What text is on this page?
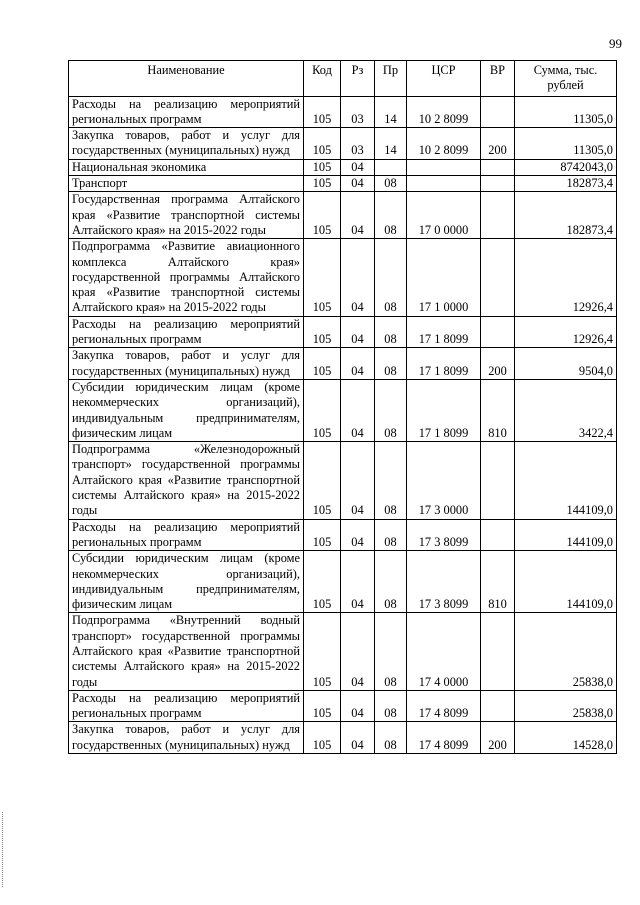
99
Наименование	Код	Рз	Пр	ЦСР	ВР	Сумма, тыс. рублей
Расходы на реализацию мероприятий региональных программ	105	03	14	10 2 8099		11305,0
Закупка товаров, работ и услуг для государственных (муниципальных) нужд	105	03	14	10 2 8099	200	11305,0
Национальная экономика	105	04				8742043,0
Транспорт	105	04	08			182873,4
Государственная программа Алтайского края «Развитие транспортной системы Алтайского края» на 2015-2022 годы	105	04	08	17 0 0000		182873,4
Подпрограмма «Развитие авиационного комплекса Алтайского края» государственной программы Алтайского края «Развитие транспортной системы Алтайского края» на 2015-2022 годы	105	04	08	17 1 0000		12926,4
Расходы на реализацию мероприятий региональных программ	105	04	08	17 1 8099		12926,4
Закупка товаров, работ и услуг для государственных (муниципальных) нужд	105	04	08	17 1 8099	200	9504,0
Субсидии юридическим лицам (кроме некоммерческих организаций), индивидуальным предпринимателям, физическим лицам	105	04	08	17 1 8099	810	3422,4
Подпрограмма «Железнодорожный транспорт» государственной программы Алтайского края «Развитие транспортной системы Алтайского края» на 2015-2022 годы	105	04	08	17 3 0000		144109,0
Расходы на реализацию мероприятий региональных программ	105	04	08	17 3 8099		144109,0
Субсидии юридическим лицам (кроме некоммерческих организаций), индивидуальным предпринимателям, физическим лицам	105	04	08	17 3 8099	810	144109,0
Подпрограмма «Внутренний водный транспорт» государственной программы Алтайского края «Развитие транспортной системы Алтайского края» на 2015-2022 годы	105	04	08	17 4 0000		25838,0
Расходы на реализацию мероприятий региональных программ	105	04	08	17 4 8099		25838,0
Закупка товаров, работ и услуг для государственных (муниципальных) нужд	105	04	08	17 4 8099	200	14528,0
